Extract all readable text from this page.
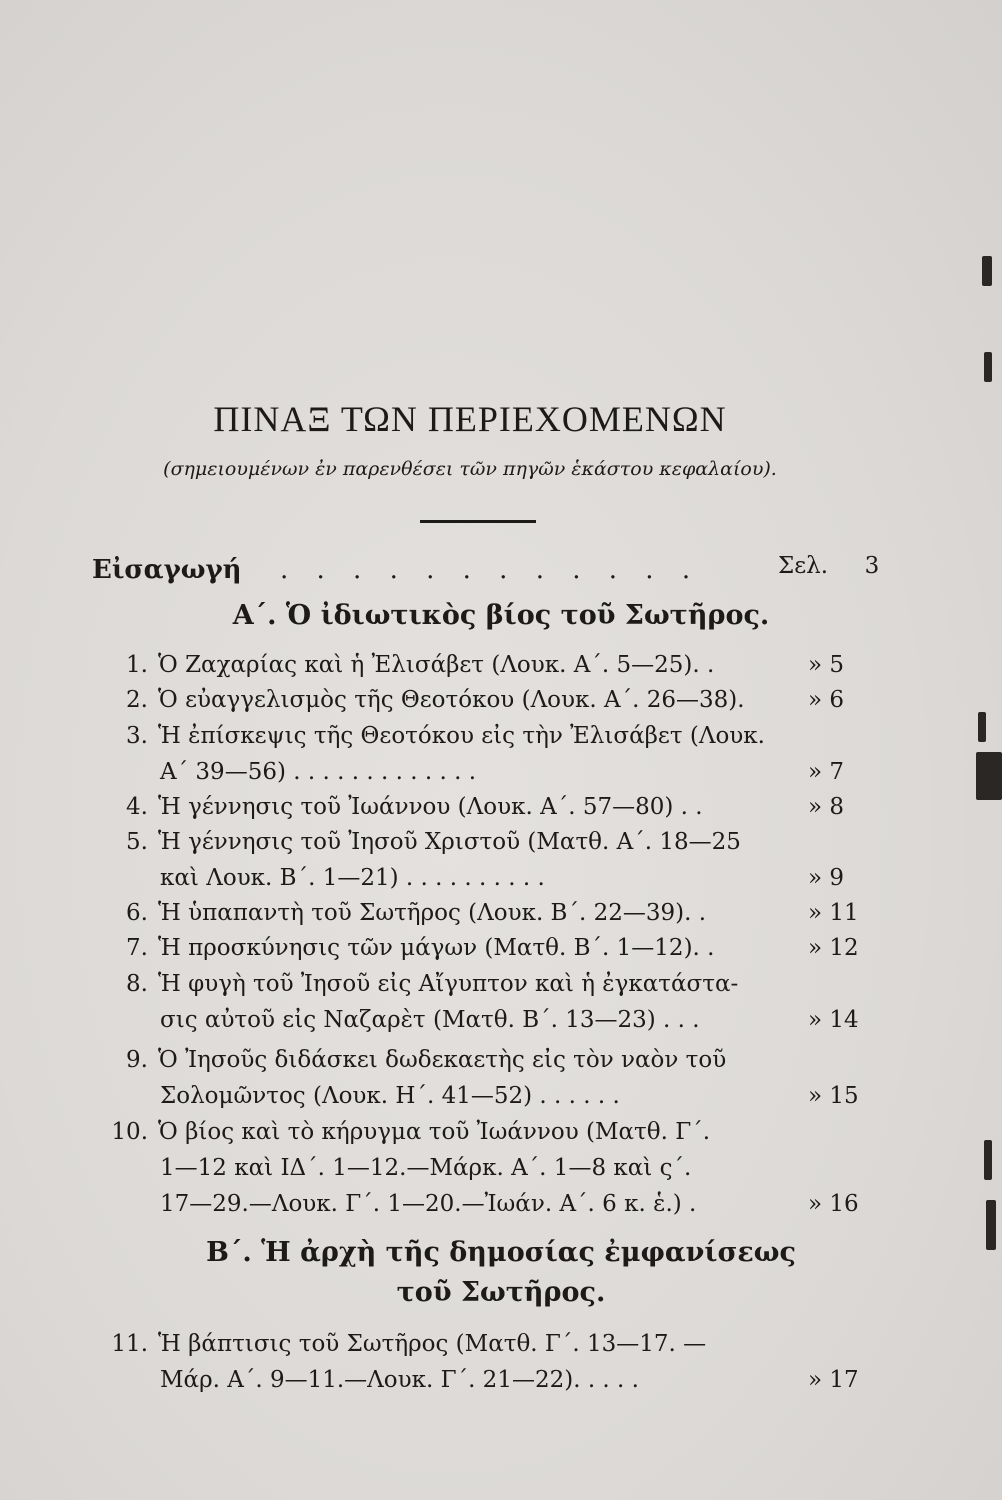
ΠΙΝΑΞ ΤΩΝ ΠΕΡΙΕΧΟΜΕΝΩΝ
(σημειουμένων ἐν παρενθέσει τῶν πηγῶν ἑκάστου κεφαλαίου).
Εἰσαγωγή . . . . . . . . . . . .	Σελ. 3
Α΄. Ὁ ἰδιωτικὸς βίος τοῦ Σωτῆρος.
1. Ὁ Ζαχαρίας καὶ ἡ Ἐλισάβετ (Λουκ. Α΄. 5—25). .	» 5
2. Ὁ εὐαγγελισμὸς τῆς Θεοτόκου (Λουκ. Α΄. 26—38).	» 6
3. Ἡ ἐπίσκεψις τῆς Θεοτόκου εἰς τὴν Ἐλισάβετ (Λουκ.
Α΄ 39—56) . . . . . . . . . . . . .	» 7
4. Ἡ γέννησις τοῦ Ἰωάννου (Λουκ. Α΄. 57—80) . .	» 8
5. Ἡ γέννησις τοῦ Ἰησοῦ Χριστοῦ (Ματθ. Α΄. 18—25
καὶ Λουκ. Β΄. 1—21) . . . . . . . . . .	» 9
6. Ἡ ὑπαπαντὴ τοῦ Σωτῆρος (Λουκ. Β΄. 22—39). .	» 11
7. Ἡ προσκύνησις τῶν μάγων (Ματθ. Β΄. 1—12). .	» 12
8. Ἡ φυγὴ τοῦ Ἰησοῦ εἰς Αἴγυπτον καὶ ἡ ἐγκατάστα-
σις αὐτοῦ εἰς Ναζαρὲτ (Ματθ. Β΄. 13—23) . . .	» 14
9. Ὁ Ἰησοῦς διδάσκει δωδεκαετὴς εἰς τὸν ναὸν τοῦ
Σολομῶντος (Λουκ. Η΄. 41—52) . . . . . .	» 15
10. Ὁ βίος καὶ τὸ κήρυγμα τοῦ Ἰωάννου (Ματθ. Γ΄.
1—12 καὶ ΙΔ΄. 1—12.—Μάρκ. Α΄. 1—8 καὶ ς΄.
17—29.—Λουκ. Γ΄. 1—20.—Ἰωάν. Α΄. 6 κ. ἑ.) .	» 16
Β΄. Ἡ ἀρχὴ τῆς δημοσίας ἐμφανίσεως
τοῦ Σωτῆρος.
11. Ἡ βάπτισις τοῦ Σωτῆρος (Ματθ. Γ΄. 13—17. —
Μάρ. Α΄. 9—11.—Λουκ. Γ΄. 21—22). . . . .	» 17
